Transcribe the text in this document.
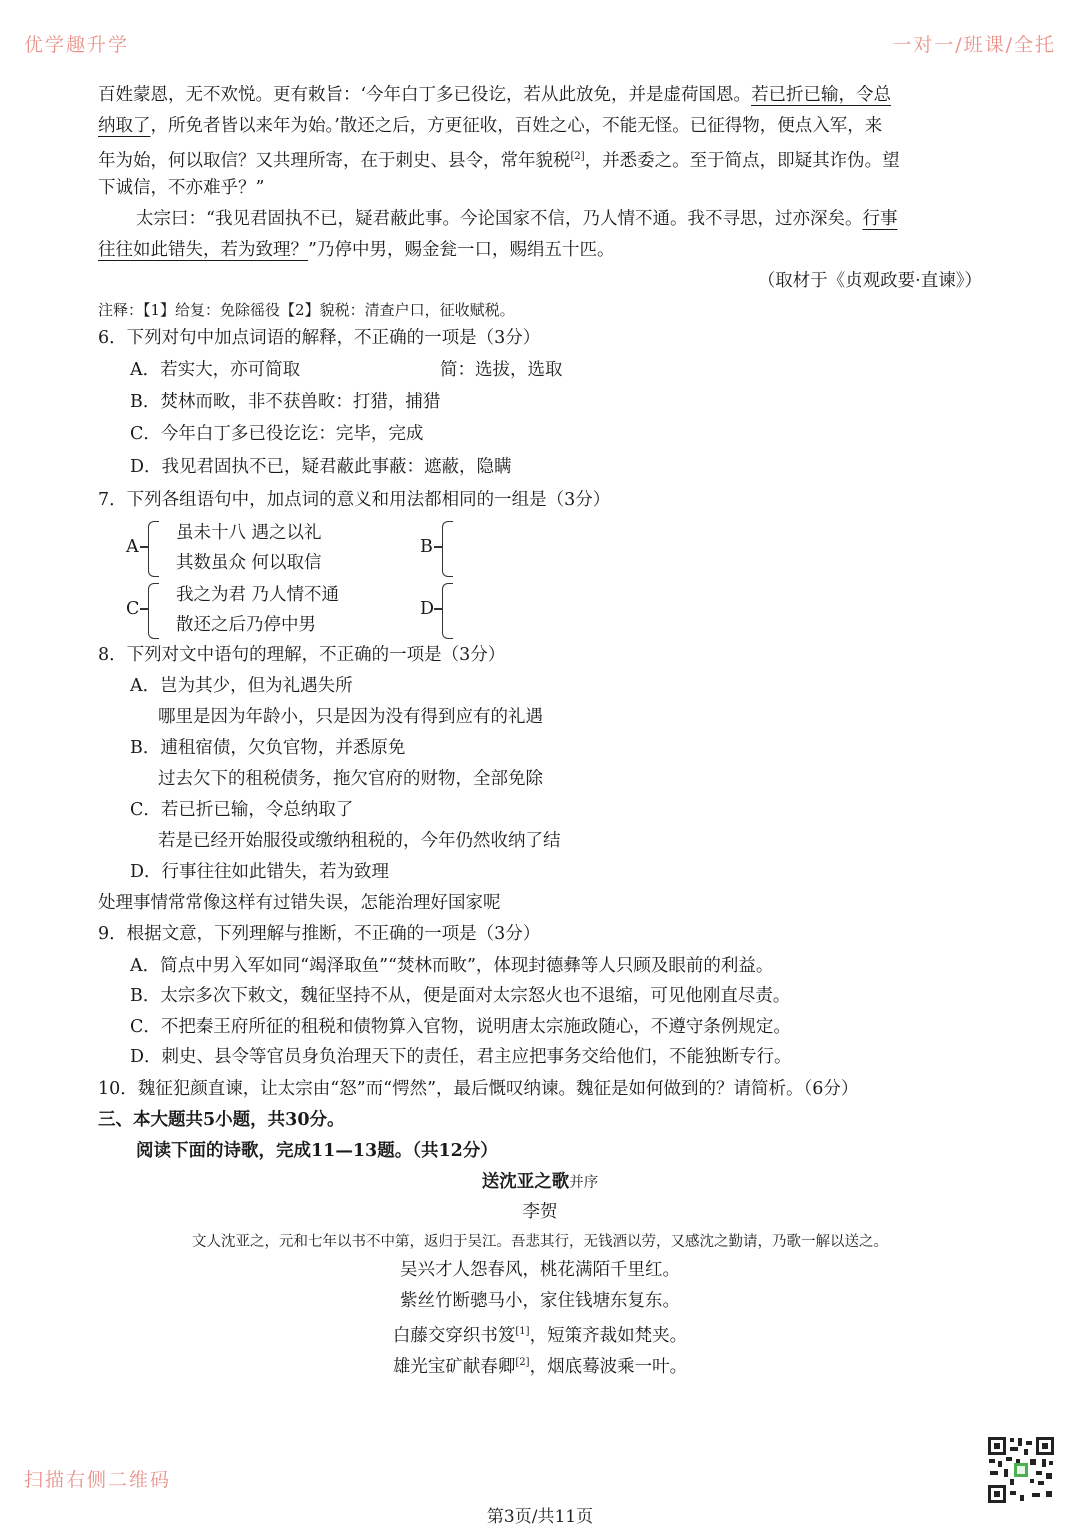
优学趣升学	一对一/班课/全托
百姓蒙恩，无不欢悦。更有敕旨：‘今年白丁多已役讫，若从此放免，并是虚荷国恩。若已折已输，令总
纳取了，所免者皆以来年为始。’散还之后，方更征收，百姓之心，不能无怪。已征得物，便点入军，来
年为始，何以取信？又共理所寄，在于刺史、县令，常年貌税[2]，并悉委之。至于简点，即疑其诈伪。望
下诚信，不亦难乎？”
太宗曰：“我见君固执不已，疑君蔽此事。今论国家不信，乃人情不通。我不寻思，过亦深矣。行事
往往如此错失，若为致理？”乃停中男，赐金瓮一口，赐绢五十匹。
（取材于《贞观政要·直谏》）
注释：【1】给复：免除徭役【2】貌税：清查户口，征收赋税。
6．下列对句中加点词语的解释，不正确的一项是（3分）
A．若实大，亦可简取	简：选拔，选取
B．焚林而畋，非不获兽畋：打猎，捕猎
C．今年白丁多已役讫讫：完毕，完成
D．我见君固执不已，疑君蔽此事蔽：遮蔽，隐瞒
7．下列各组语句中，加点词的意义和用法都相同的一组是（3分）
A
虽未十八 遇之以礼
其数虽众 何以取信
B
C
我之为君 乃人情不通
散还之后乃停中男
D
8．下列对文中语句的理解，不正确的一项是（3分）
A．岂为其少，但为礼遇失所
哪里是因为年龄小，只是因为没有得到应有的礼遇
B．逋租宿债，欠负官物，并悉原免
过去欠下的租税债务，拖欠官府的财物，全部免除
C．若已折已输，令总纳取了
若是已经开始服役或缴纳租税的，今年仍然收纳了结
D．行事往往如此错失，若为致理
处理事情常常像这样有过错失误，怎能治理好国家呢
9．根据文意，下列理解与推断，不正确的一项是（3分）
A．简点中男入军如同“竭泽取鱼”“焚林而畋”，体现封德彝等人只顾及眼前的利益。
B．太宗多次下敕文，魏征坚持不从，便是面对太宗怒火也不退缩，可见他刚直尽责。
C．不把秦王府所征的租税和债物算入官物，说明唐太宗施政随心，不遵守条例规定。
D．刺史、县令等官员身负治理天下的责任，君主应把事务交给他们，不能独断专行。
10．魏征犯颜直谏，让太宗由“怒”而“愕然”，最后慨叹纳谏。魏征是如何做到的？请简析。（6分）
三、本大题共5小题，共30分。
阅读下面的诗歌，完成11—13题。（共12分）
送沈亚之歌并序
李贺
文人沈亚之，元和七年以书不中第，返归于吴江。吾悲其行，无钱酒以劳，又感沈之勤请，乃歌一解以送之。
吴兴才人怨春风，桃花满陌千里红。
紫丝竹断骢马小，家住钱塘东复东。
白藤交穿织书笈[1]，短策齐裁如梵夹。
雄光宝矿献春卿[2]，烟底蓦波乘一叶。
扫描右侧二维码
第3页/共11页
